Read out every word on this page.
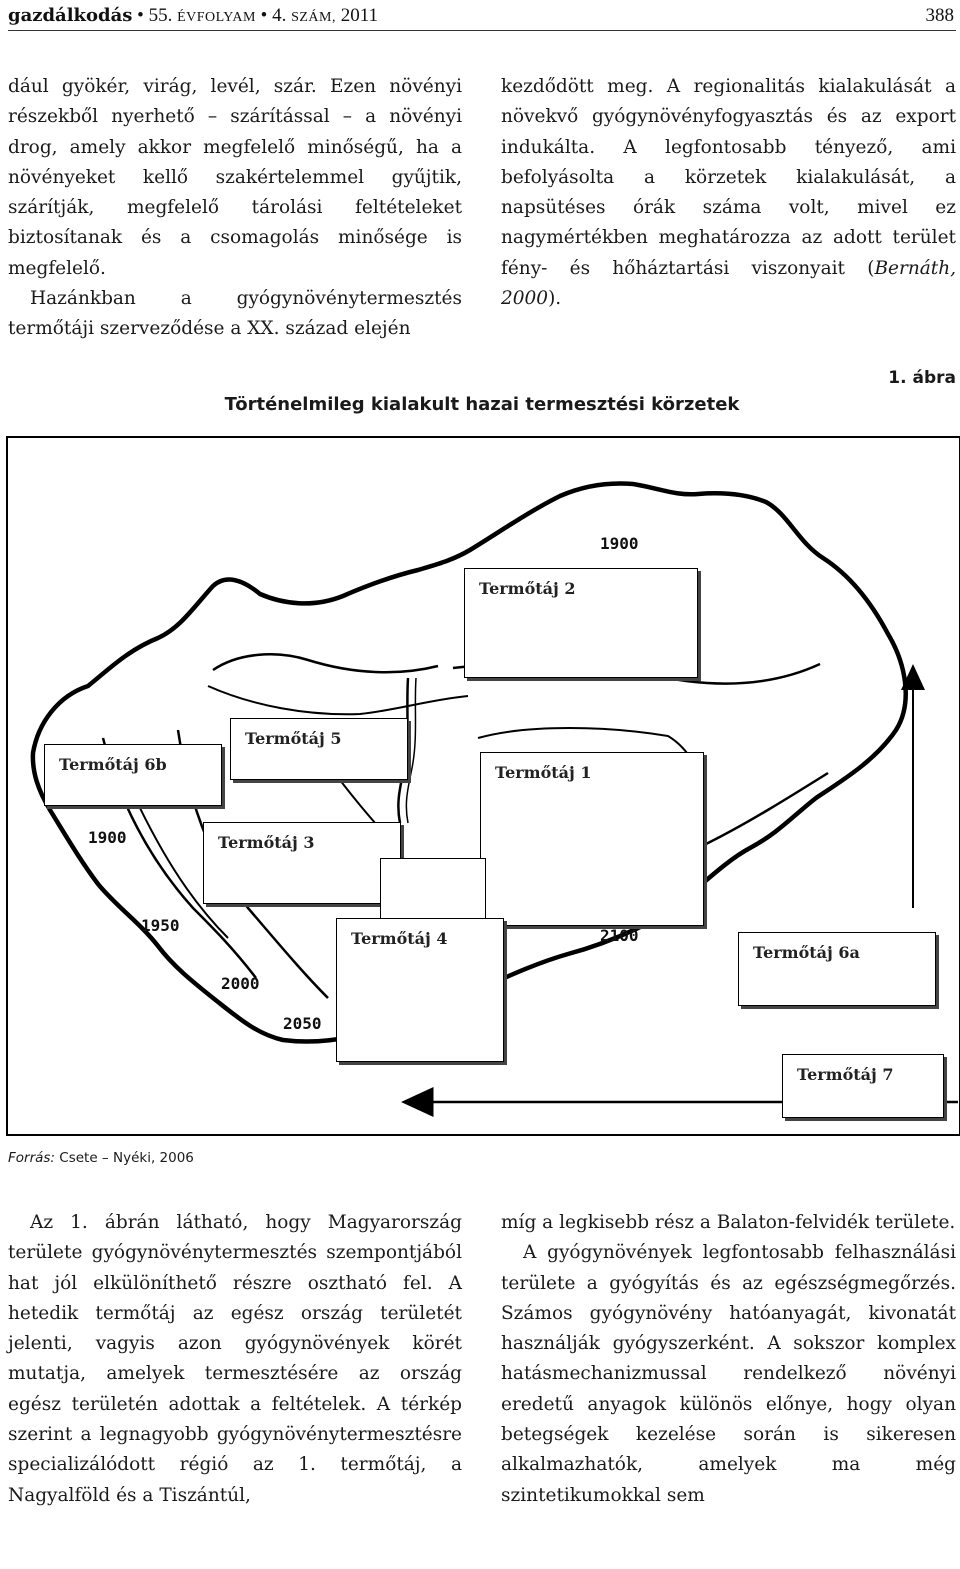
gazdálkodás • 55. ÉVFOLYAM • 4. SZÁM, 2011	388

dául gyökér, virág, levél, szár. Ezen növényi részekből nyerhető – szárítással – a növényi drog, amely akkor megfelelő minőségű, ha a növényeket kellő szakértelemmel gyűjtik, szárítják, megfelelő tárolási feltételeket biztosítanak és a csomagolás minősége is megfelelő.

Hazánkban a gyógynövénytermesztés termőtáji szerveződése a XX. század elején

kezdődött meg. A regionalitás kialakulását a növekvő gyógynövényfogyasztás és az export indukálta. A legfontosabb tényező, ami befolyásolta a körzetek kialakulását, a napsütéses órák száma volt, mivel ez nagymértékben meghatározza az adott terület fény- és hőháztartási viszonyait (Bernáth, 2000).

1. ábra
Történelmileg kialakult hazai termesztési körzetek
1900
1900
1950
2000
2050
2100
Termőtáj 2
Termőtáj 5
Termőtáj 6b	Termőtáj 1
Termőtáj 3
Termőtáj 4
Termőtáj 6a
Termőtáj 7
Forrás: Csete – Nyéki, 2006

Az 1. ábrán látható, hogy Magyarország területe gyógynövénytermesztés szempontjából hat jól elkülöníthető részre osztható fel. A hetedik termőtáj az egész ország területét jelenti, vagyis azon gyógynövények körét mutatja, amelyek termesztésére az ország egész területén adottak a feltételek. A térkép szerint a legnagyobb gyógynövénytermesztésre specializálódott régió az 1. termőtáj, a Nagyalföld és a Tiszántúl,

míg a legkisebb rész a Balaton-felvidék területe.

A gyógynövények legfontosabb felhasználási területe a gyógyítás és az egészségmegőrzés. Számos gyógynövény hatóanyagát, kivonatát használják gyógyszerként. A sokszor komplex hatásmechanizmussal rendelkező növényi eredetű anyagok különös előnye, hogy olyan betegségek kezelése során is sikeresen alkalmazhatók, amelyek ma még szintetikumokkal sem
